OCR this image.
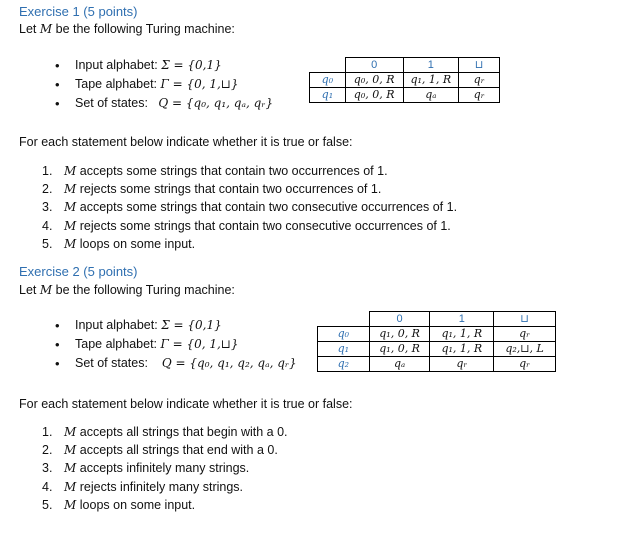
Exercise 1 (5 points)
Let M be the following Turing machine:
• Input alphabet: Σ = {0,1}
• Tape alphabet: Γ = {0, 1,⊔}
• Set of states: Q = {q₀, q₁, qₐ, qᵣ}
	0	1	⊔
q₀	q₀, 0, R	q₁, 1, R	qᵣ
q₁	q₀, 0, R	qₐ	qᵣ
For each statement below indicate whether it is true or false:
1. M accepts some strings that contain two occurrences of 1.
2. M rejects some strings that contain two occurrences of 1.
3. M accepts some strings that contain two consecutive occurrences of 1.
4. M rejects some strings that contain two consecutive occurrences of 1.
5. M loops on some input.
Exercise 2 (5 points)
Let M be the following Turing machine:
• Input alphabet: Σ = {0,1}
• Tape alphabet: Γ = {0, 1,⊔}
• Set of states: Q = {q₀, q₁, q₂, qₐ, qᵣ}
	0	1	⊔
q₀	q₁, 0, R	q₁, 1, R	qᵣ
q₁	q₁, 0, R	q₁, 1, R	q₂,⊔, L
q₂	qₐ	qᵣ	qᵣ
For each statement below indicate whether it is true or false:
1. M accepts all strings that begin with a 0.
2. M accepts all strings that end with a 0.
3. M accepts infinitely many strings.
4. M rejects infinitely many strings.
5. M loops on some input.
